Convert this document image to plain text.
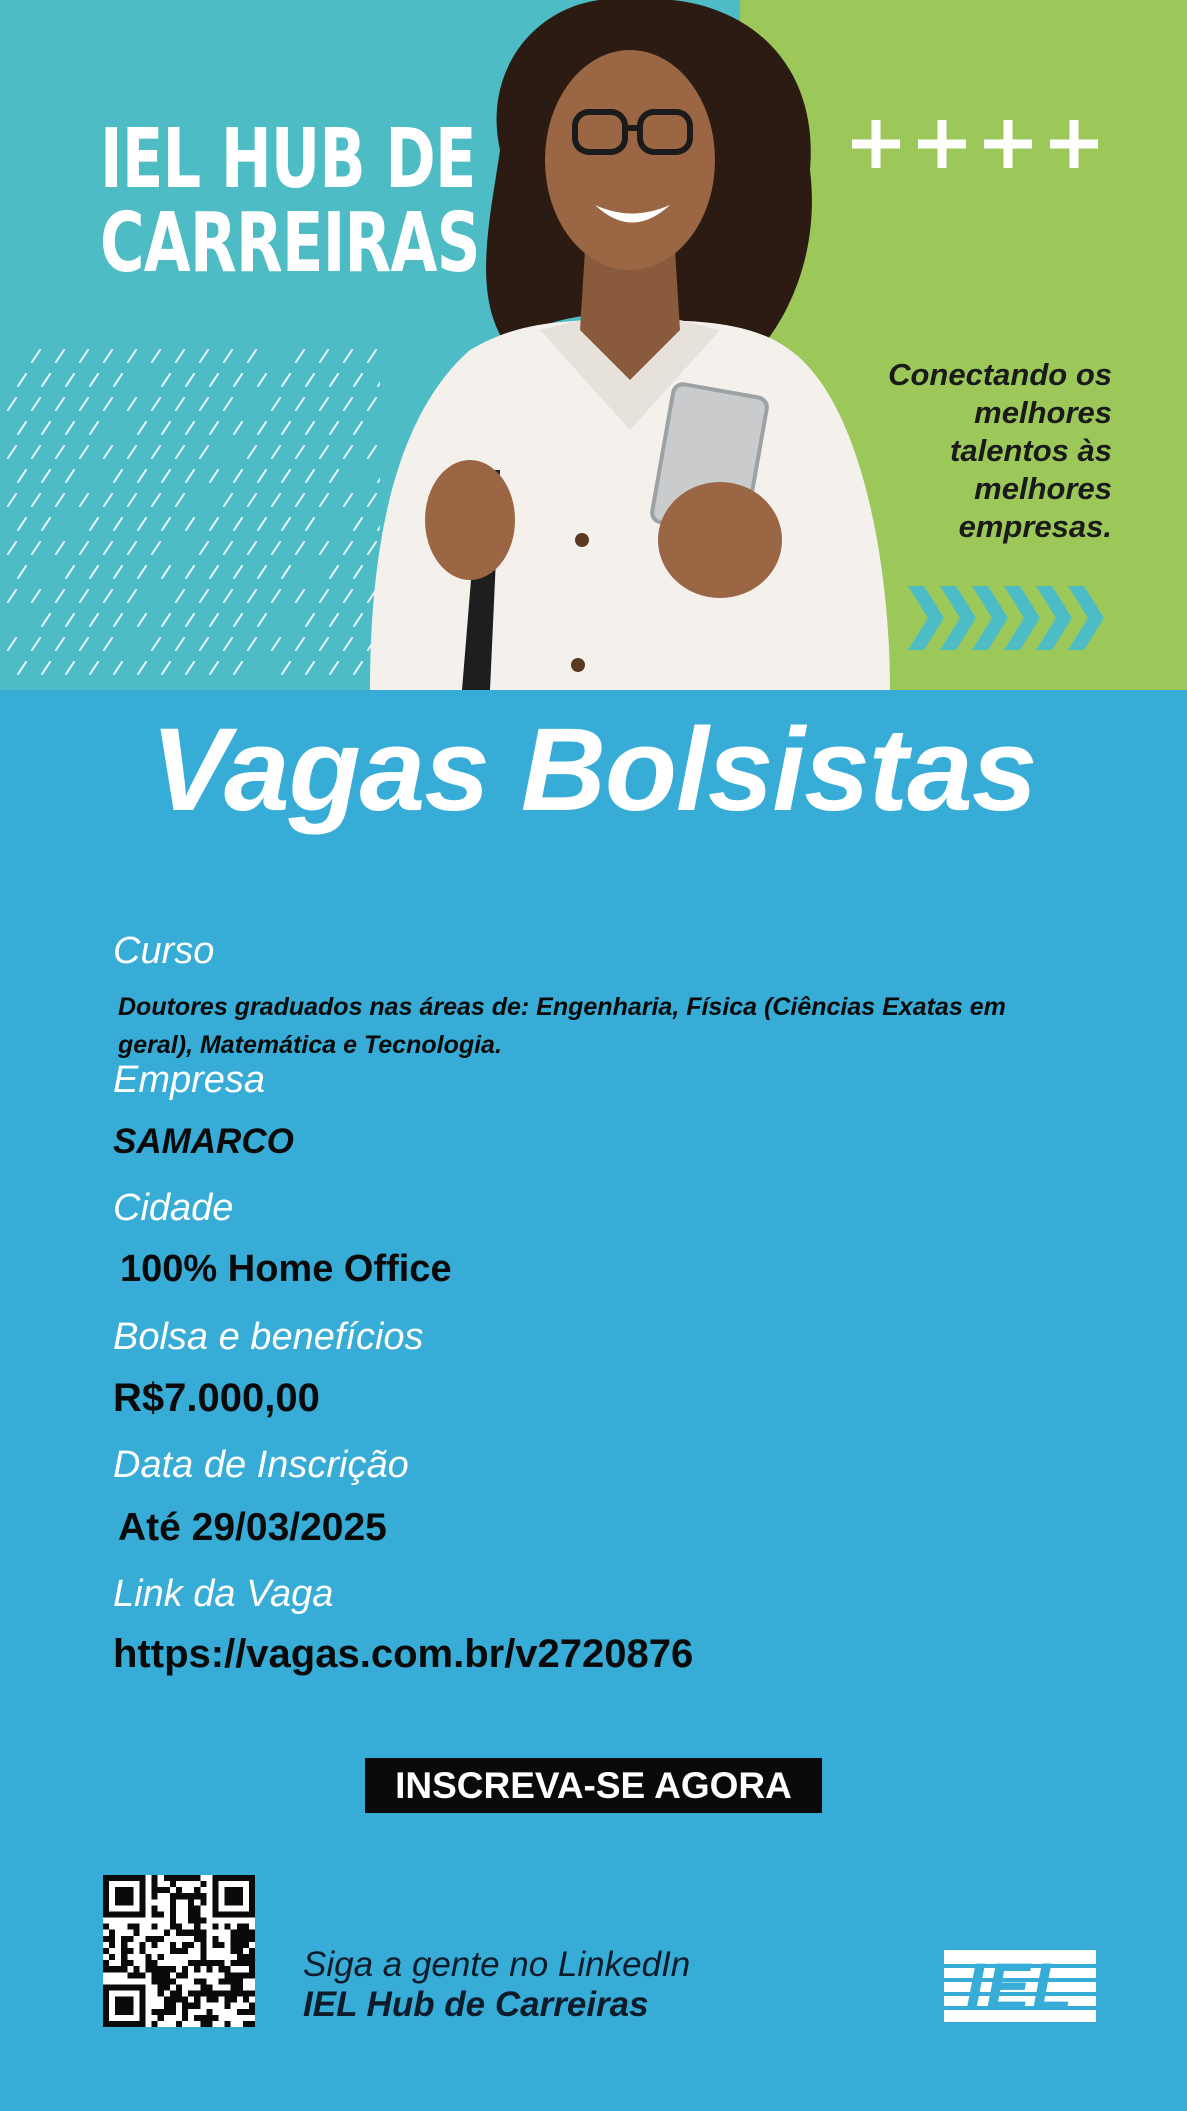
IEL HUB DE
CARREIRAS

Conectando os melhores talentos às melhores empresas.

Vagas Bolsistas

Curso

Doutores graduados nas áreas de: Engenharia, Física (Ciências Exatas em geral), Matemática e Tecnologia.

Empresa

SAMARCO

Cidade

100% Home Office

Bolsa e benefícios

R$7.000,00

Data de Inscrição

Até 29/03/2025

Link da Vaga

https://vagas.com.br/v2720876

INSCREVA-SE AGORA

Siga a gente no LinkedIn
IEL Hub de Carreiras	IEL
